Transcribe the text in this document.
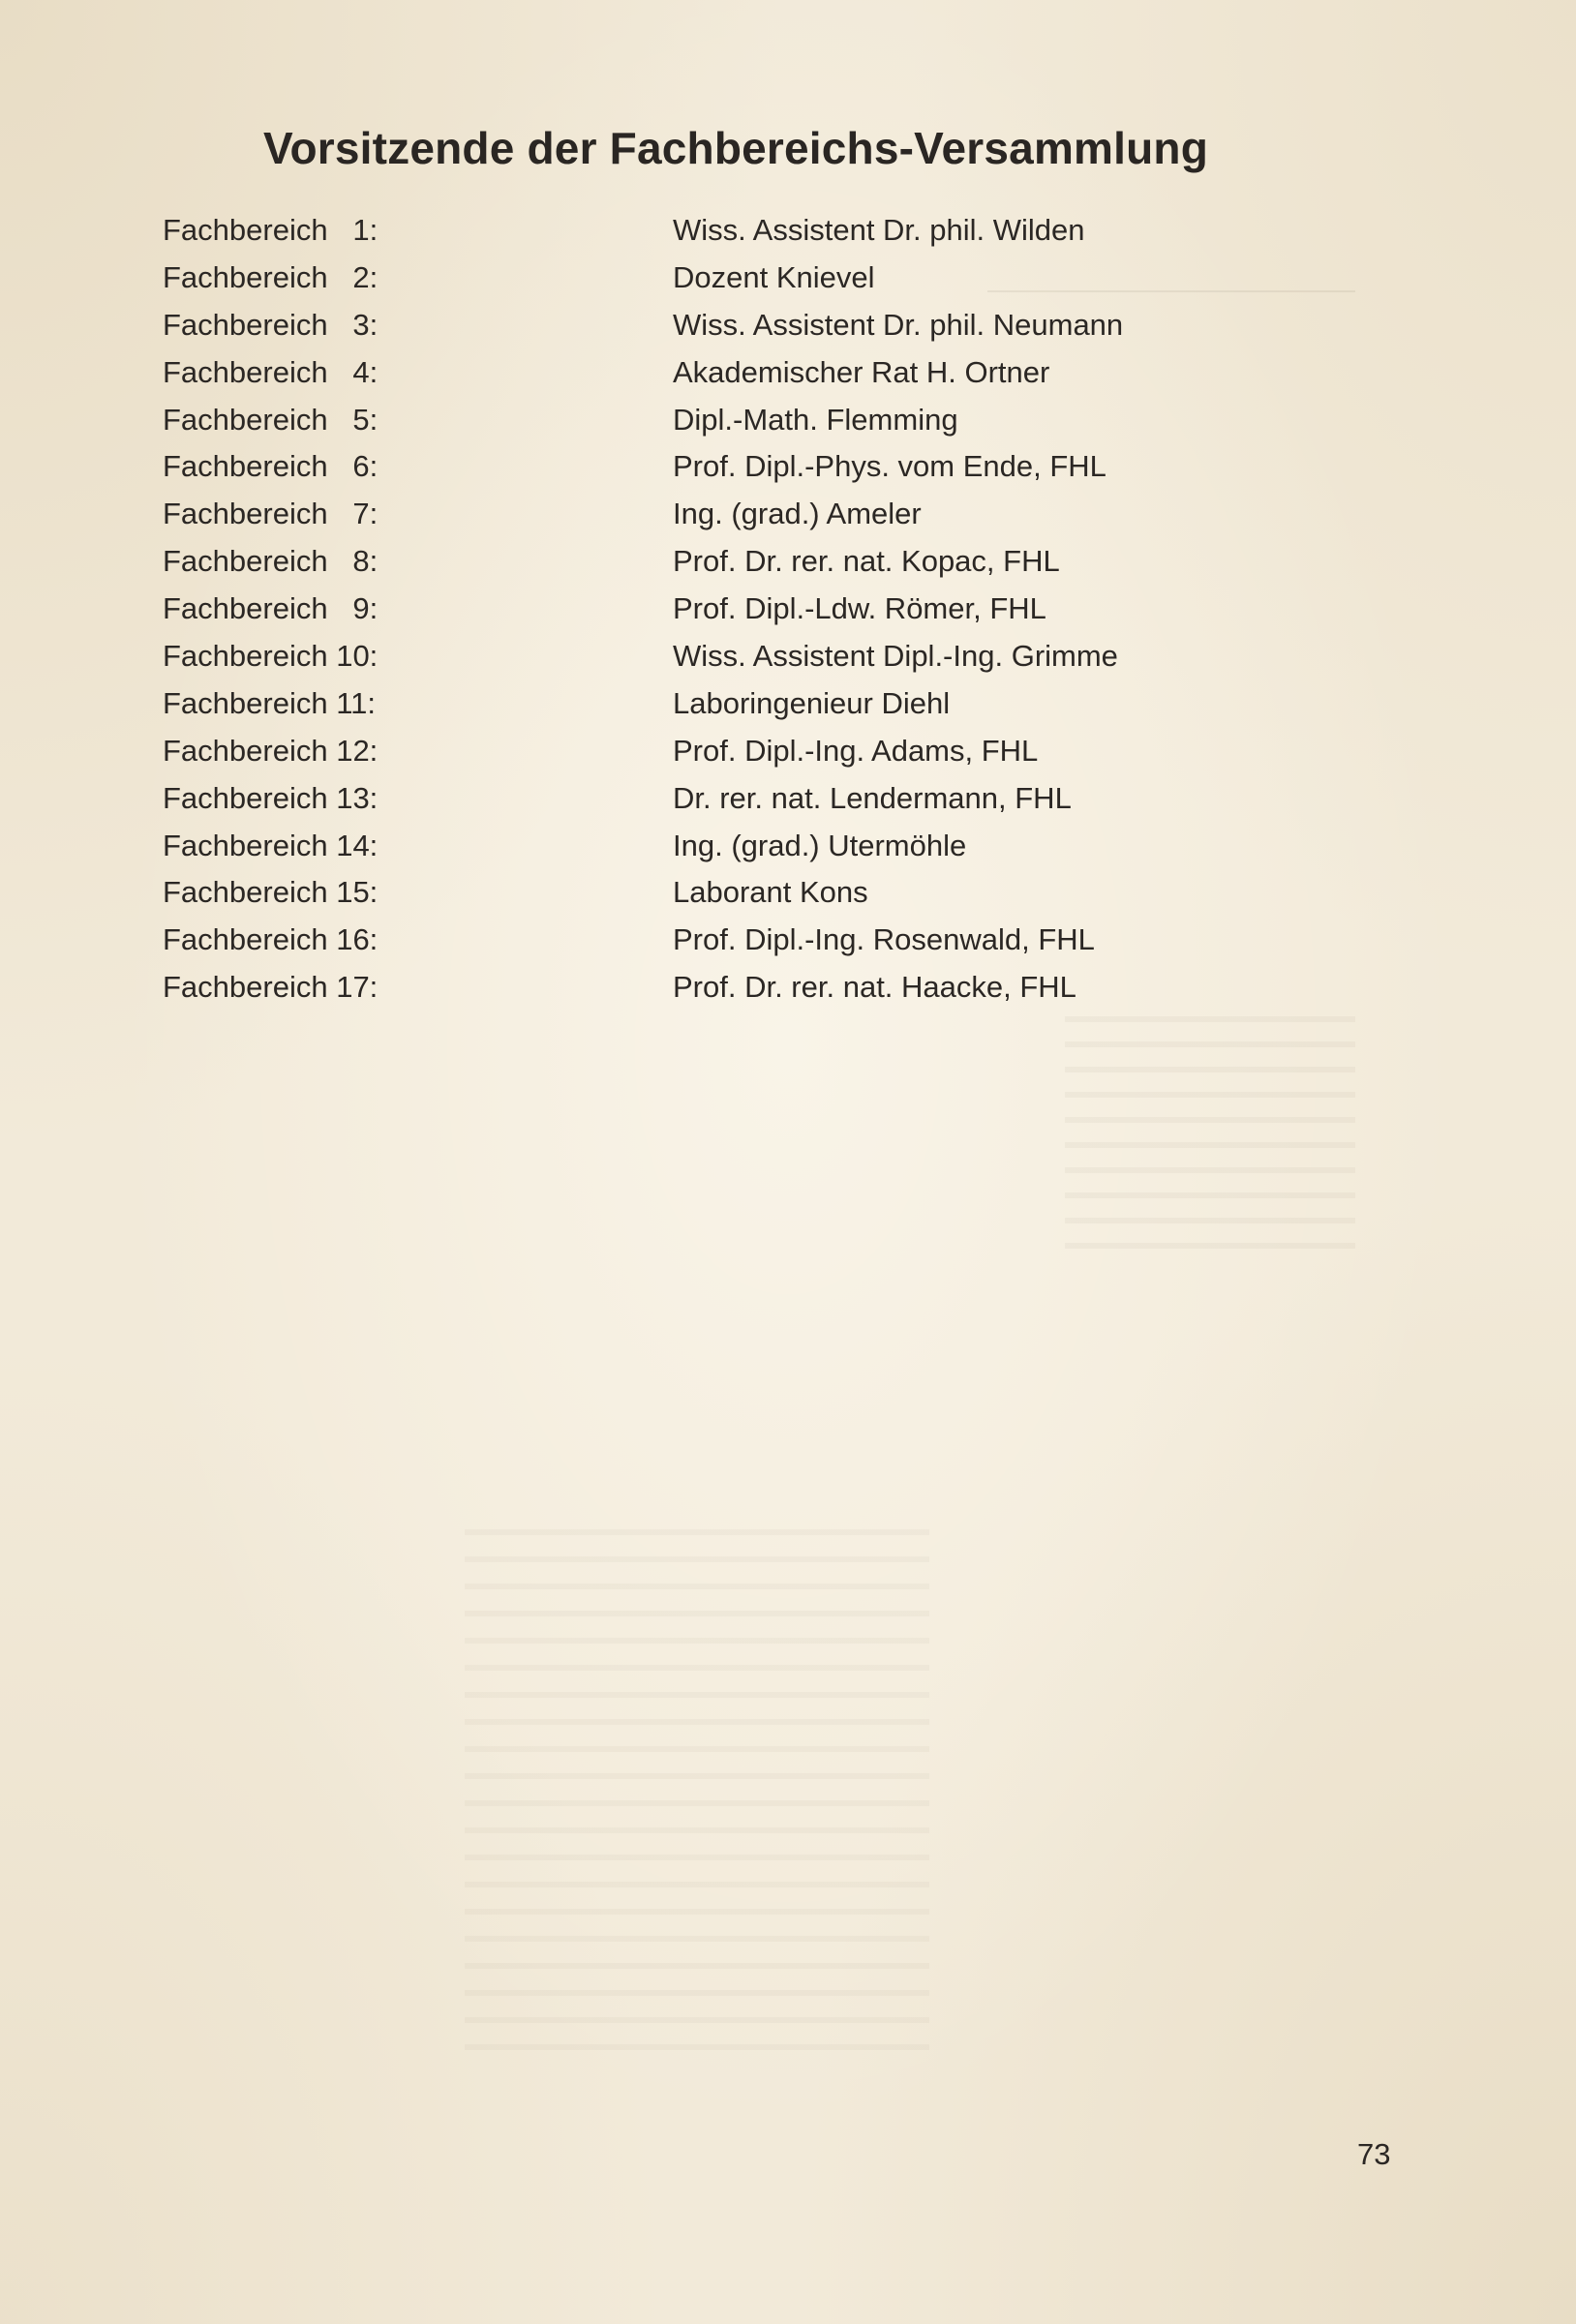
Vorsitzende der Fachbereichs-Versammlung
Fachbereich   1:	Wiss. Assistent Dr. phil. Wilden
Fachbereich   2:	Dozent Knievel
Fachbereich   3:	Wiss. Assistent Dr. phil. Neumann
Fachbereich   4:	Akademischer Rat H. Ortner
Fachbereich   5:	Dipl.-Math. Flemming
Fachbereich   6:	Prof. Dipl.-Phys. vom Ende, FHL
Fachbereich   7:	Ing. (grad.) Ameler
Fachbereich   8:	Prof. Dr. rer. nat. Kopac, FHL
Fachbereich   9:	Prof. Dipl.-Ldw. Römer, FHL
Fachbereich 10:	Wiss. Assistent Dipl.-Ing. Grimme
Fachbereich 11:	Laboringenieur Diehl
Fachbereich 12:	Prof. Dipl.-Ing. Adams, FHL
Fachbereich 13:	Dr. rer. nat. Lendermann, FHL
Fachbereich 14:	Ing. (grad.) Utermöhle
Fachbereich 15:	Laborant Kons
Fachbereich 16:	Prof. Dipl.-Ing. Rosenwald, FHL
Fachbereich 17:	Prof. Dr. rer. nat. Haacke, FHL
73
